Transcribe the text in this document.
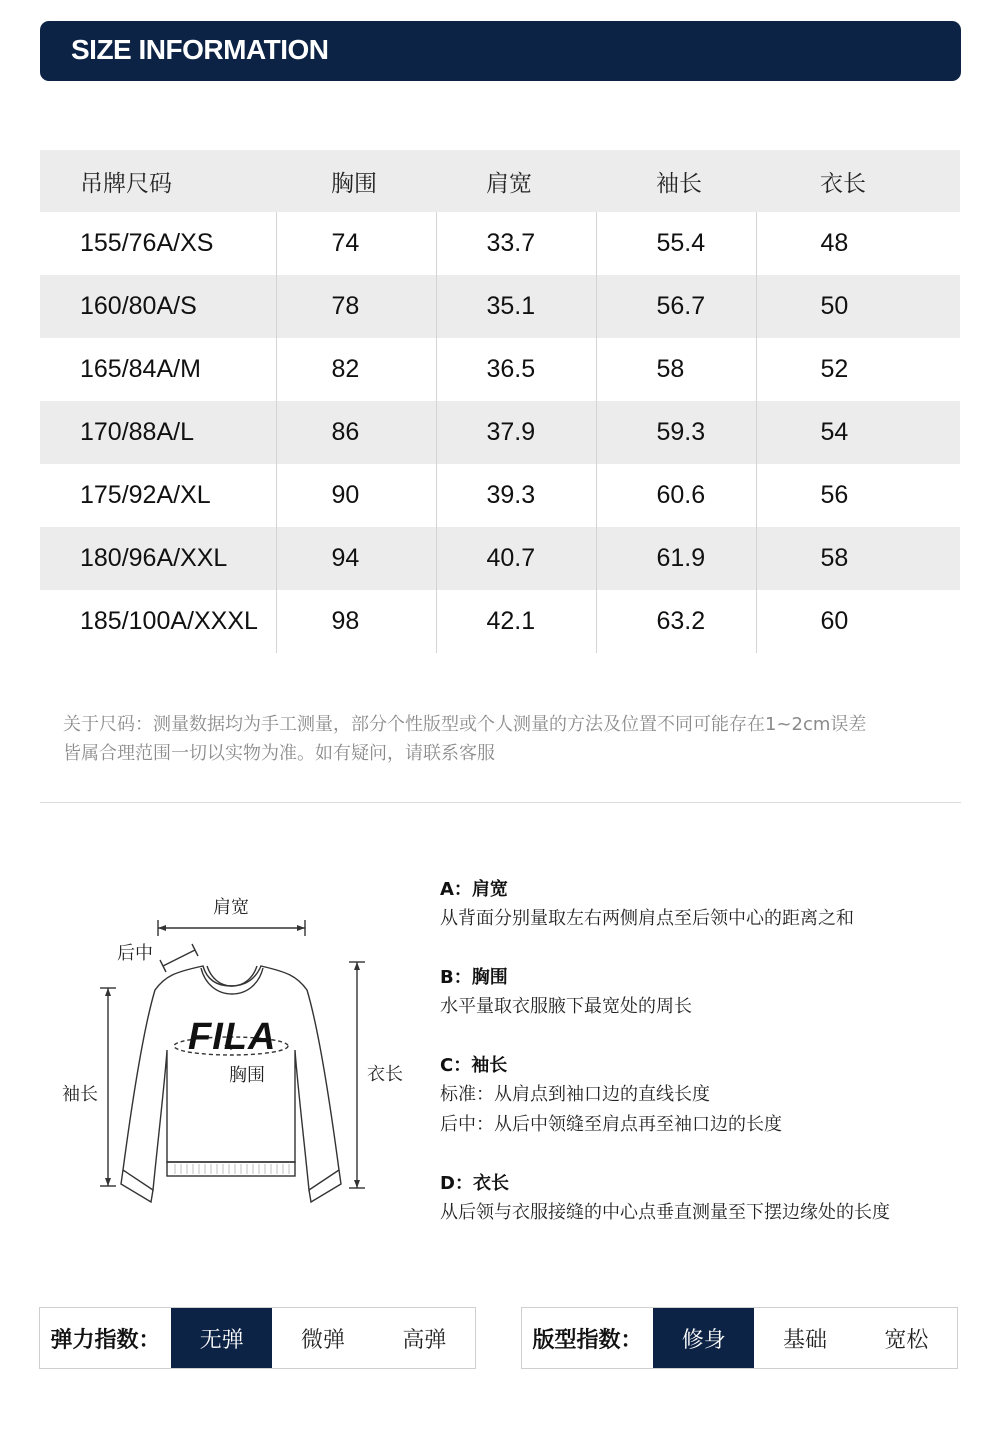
SIZE INFORMATION
吊牌尺码	胸围	肩宽	袖长	衣长
155/76A/XS	74	33.7	55.4	48
160/80A/S	78	35.1	56.7	50
165/84A/M	82	36.5	58	52
170/88A/L	86	37.9	59.3	54
175/92A/XL	90	39.3	60.6	56
180/96A/XXL	94	40.7	61.9	58
185/100A/XXXL	98	42.1	63.2	60
关于尺码：测量数据均为手工测量，部分个性版型或个人测量的方法及位置不同可能存在1~2cm误差
皆属合理范围一切以实物为准。如有疑问，请联系客服
肩宽
后中
袖长
衣长
胸围
FILA
A：肩宽
从背面分别量取左右两侧肩点至后领中心的距离之和
B：胸围
水平量取衣服腋下最宽处的周长
C：袖长
标准：从肩点到袖口边的直线长度
后中：从后中领缝至肩点再至袖口边的长度
D：衣长
从后领与衣服接缝的中心点垂直测量至下摆边缘处的长度
弹力指数：	无弹	微弹	高弹	版型指数：	修身	基础	宽松
